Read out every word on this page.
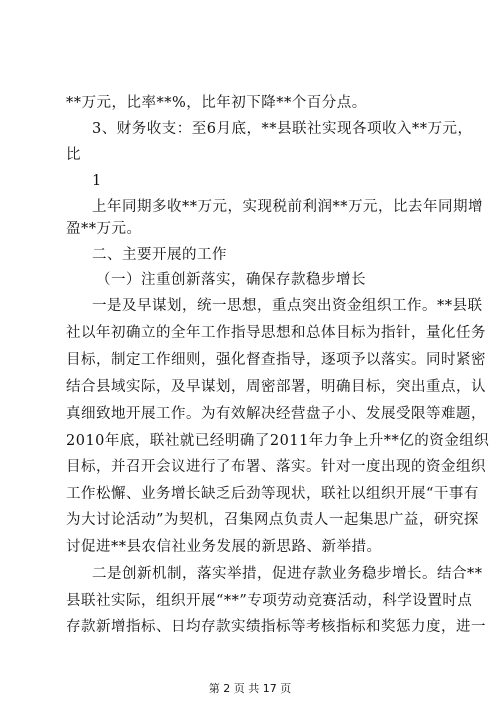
**万元，比率**%，比年初下降**个百分点。
3、财务收支：至6月底，**县联社实现各项收入**万元，
比
1
上年同期多收**万元，实现税前利润**万元，比去年同期增
盈**万元。
二、主要开展的工作
（一）注重创新落实，确保存款稳步增长
一是及早谋划，统一思想，重点突出资金组织工作。**县联
社以年初确立的全年工作指导思想和总体目标为指针，量化任务
目标，制定工作细则，强化督查指导，逐项予以落实。同时紧密
结合县域实际，及早谋划，周密部署，明确目标，突出重点，认
真细致地开展工作。为有效解决经营盘子小、发展受限等难题，
2010年底，联社就已经明确了2011年力争上升**亿的资金组织
目标，并召开会议进行了布署、落实。针对一度出现的资金组织
工作松懈、业务增长缺乏后劲等现状，联社以组织开展“干事有
为大讨论活动”为契机，召集网点负责人一起集思广益，研究探
讨促进**县农信社业务发展的新思路、新举措。
二是创新机制，落实举措，促进存款业务稳步增长。结合**
县联社实际，组织开展“**”专项劳动竞赛活动，科学设置时点
存款新增指标、日均存款实绩指标等考核指标和奖惩力度，进一
第 2 页 共 17 页
